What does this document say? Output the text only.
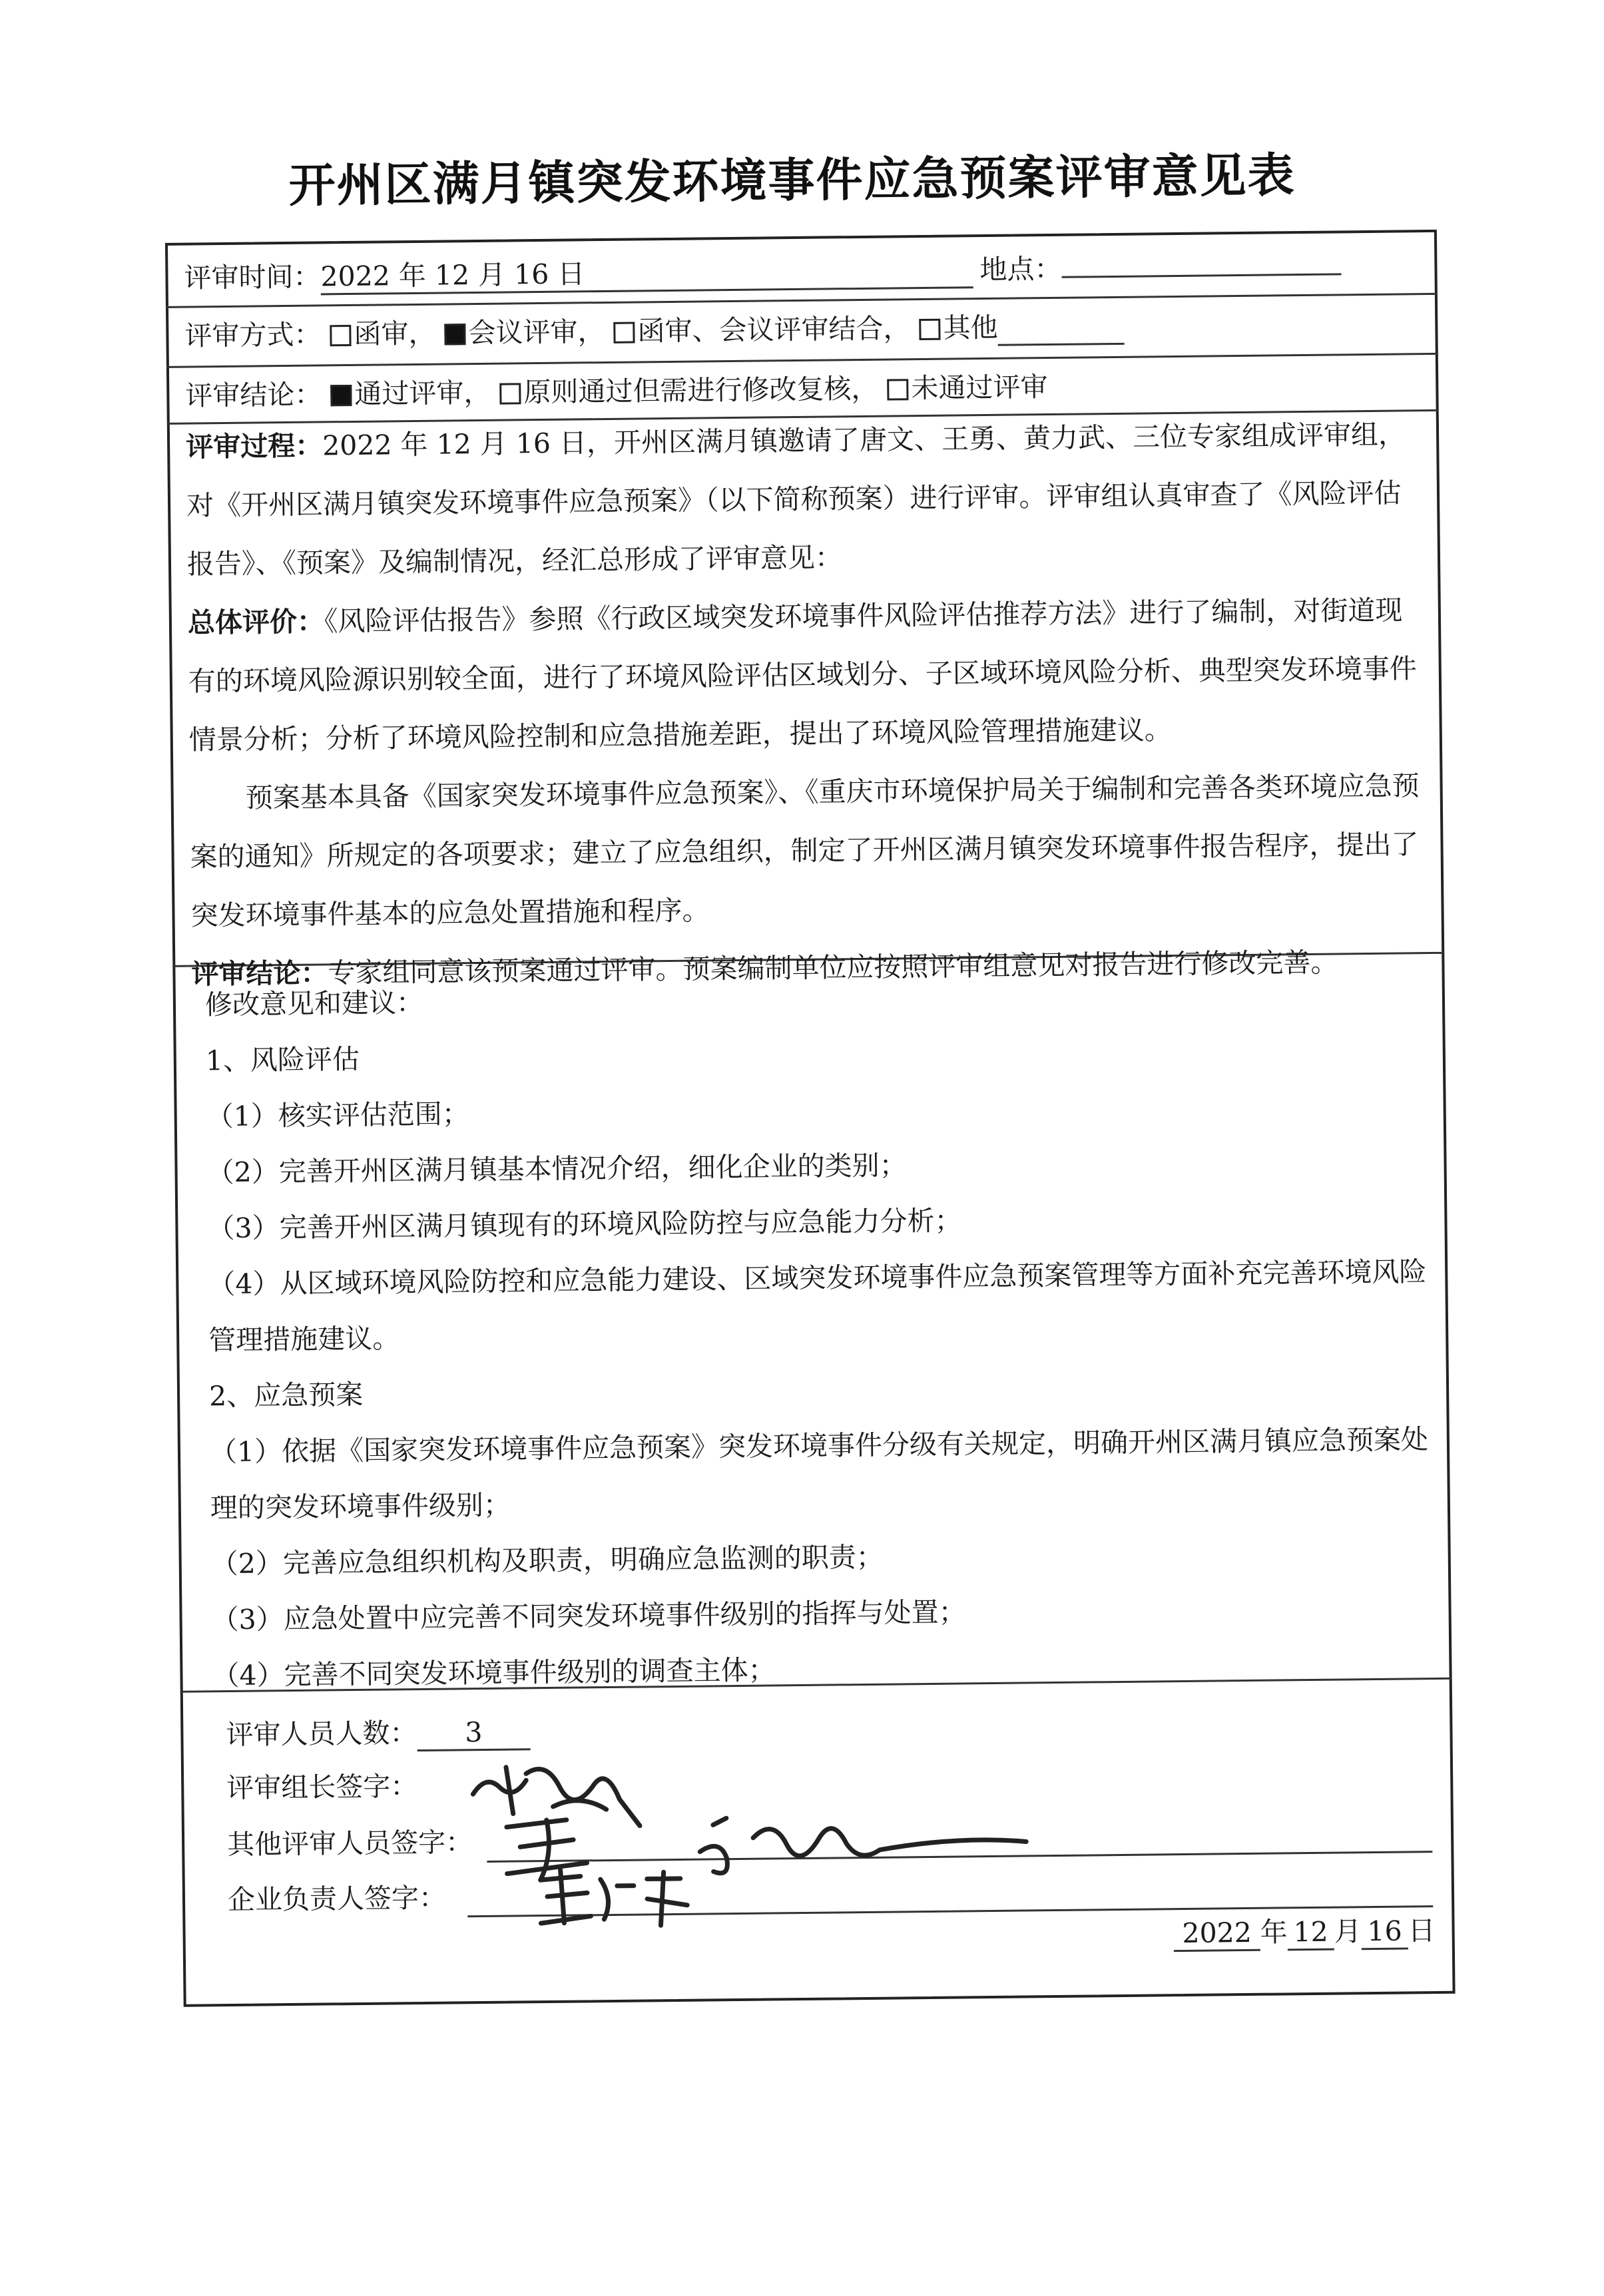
开州区满月镇突发环境事件应急预案评审意见表
评审时间：2022 年 12 月 16 日	地点：
评审方式： 函审， 会议评审， 函审、会议评审结合， 其他
评审结论： 通过评审， 原则通过但需进行修改复核， 未通过评审
评审过程：2022 年 12 月 16 日，开州区满月镇邀请了唐文、王勇、黄力武、三位专家组成评审组，对《开州区满月镇突发环境事件应急预案》（以下简称预案）进行评审。评审组认真审查了《风险评估报告》、《预案》及编制情况，经汇总形成了评审意见：
总体评价：《风险评估报告》参照《行政区域突发环境事件风险评估推荐方法》进行了编制，对街道现有的环境风险源识别较全面，进行了环境风险评估区域划分、子区域环境风险分析、典型突发环境事件情景分析；分析了环境风险控制和应急措施差距，提出了环境风险管理措施建议。
预案基本具备《国家突发环境事件应急预案》、《重庆市环境保护局关于编制和完善各类环境应急预案的通知》所规定的各项要求；建立了应急组织，制定了开州区满月镇突发环境事件报告程序，提出了突发环境事件基本的应急处置措施和程序。
评审结论：专家组同意该预案通过评审。预案编制单位应按照评审组意见对报告进行修改完善。
修改意见和建议：
1、风险评估
（1）核实评估范围；
（2）完善开州区满月镇基本情况介绍，细化企业的类别；
（3）完善开州区满月镇现有的环境风险防控与应急能力分析；
（4）从区域环境风险防控和应急能力建设、区域突发环境事件应急预案管理等方面补充完善环境风险管理措施建议。
2、应急预案
（1）依据《国家突发环境事件应急预案》突发环境事件分级有关规定，明确开州区满月镇应急预案处理的突发环境事件级别；
（2）完善应急组织机构及职责，明确应急监测的职责；
（3）应急处置中应完善不同突发环境事件级别的指挥与处置；
（4）完善不同突发环境事件级别的调查主体；
评审人员人数： 3
评审组长签字：
其他评审人员签字：
企业负责人签字：
2022 年 12 月 16 日
